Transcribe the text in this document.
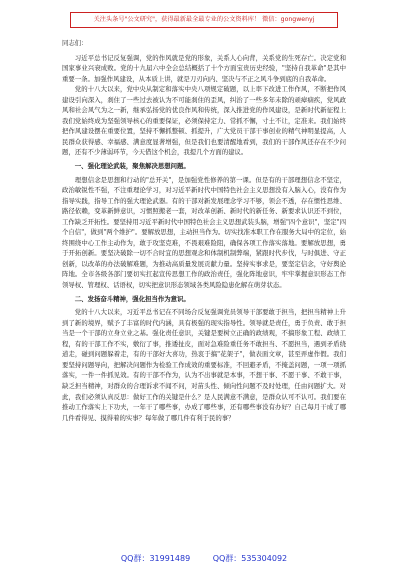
关注头条号"公文研究"，获得最新最全最专业的公文资料库！ 微信：gongwenyj

同志们：

习近平总书记反复强调，党的作风就是党的形象，关系人心向背，关系党的生死存亡。决定党和国家事业兴衰成败。党的十九届六中全会总结概括了十个方面宝贵历史经验，"坚持自我革命"是其中重要一条。加强作风建设，从本质上讲，就是刀刃向内、坚决与不正之风斗争到底的自我革命。

党的十八大以来，党中央从制定和落实中央八项规定破题，以上率下改进工作作风，不断把作风建设引向深入，刹住了一些过去被认为不可能刹住的歪风，纠治了一些多年未除的顽瘴痼疾，党风政风和社会风气为之一新，继承弘扬党的优良作风和传统，深入推进党的作风建设，是新时代新征程上我们党始终成为坚强领导核心的重要保证，必须保持定力、常抓不懈，寸土不让，定准来。我们始终把作风建设摆在重要位置，坚持不懈抓整顿、抓提升，广大党员干部干事创业的精气神明显提高，人民群众获得感、幸福感、满意度显著增强，但是我们也要清醒地看到，我们的干部作风还存在不少问题，还有不少薄弱环节，今天借这个机会，我提几个方面的建议。

一、强化理论武装，聚焦解决思想问题。

理想信念是思想和行动的"总开关"，是加强党性修养的第一课。但是有的干部理想信念不坚定，政治敏锐性不强，不注重理论学习，对习近平新时代中国特色社会主义思想没有入脑入心，没有作为指导实践，指导工作的强大理论武器。有的干部对新发展理念学习不够，领会不透，存在惯性思维、路径依赖，变革新鲜意识，习惯照搬老一套，对改革创新、新时代的新任务、新要求认识还不到位，工作缺乏开拓性。要坚持用习近平新时代中国特色社会主义思想武装头脑，增强"四个意识"，坚定"四个自信"，做到"两个维护"。要解放思想，主动担当作为。切实找准本职工作在服务大局中的定位，始终围绕中心工作主动作为，敢于攻坚克难，不畏艰难险阻，确保各项工作落实落地。要解放思想，勇于开拓创新。要坚决破除一切不合时宜的思想观念和体制机制弊端，紧跟时代步伐，与时俱进、守正创新，以改革的办法破解难题，为推动高质量发展贡献力量。坚持实事求是，要坚定信念，守好舆论阵地。全市各级各部门要切实扛起宣传思想工作的政治责任，强化阵地意识，牢牢掌握意识形态工作领导权、管理权、话语权，切实把意识形态领域各类风险隐患化解在萌芽状态。

二、发扬奋斗精神，强化担当作为意识。

党的十八大以来，习近平总书记在不同场合反复强调党员领导干部要敢于担当，把担当精神上升到了新的境界，赋予了丰富的时代内涵，具有极强的现实指导性。领导就是责任，勇于负责、敢于担当是一个干部的立身立业之基。强化责任意识，关键是要树立正确的政绩观，不搞形象工程、政绩工程，有的干部工作不实，敷衍了事，推诿扯皮，面对急难险重任务不敢担当、不愿担当，遇到矛盾绕道走，碰到问题躲着走，有的干部好大喜功，热衷于搞"花架子"，做表面文章，甚至弄虚作假。我们要坚持问题导向，把解决问题作为检验工作成效的重要标准，不回避矛盾，不掩盖问题，一项一项抓落实，一件一件抓见效。有的干部不作为，认为不出事就是本事，不想干事、不愿干事、不敢干事，缺乏担当精神，对群众的合理诉求不闻不问，对苗头性、倾向性问题不及时处理，任由问题扩大。对此，我们必须认真反思：做好工作的关键是什么？是人民满意不满意，是群众认可不认可。我们要在推动工作落实上下功夫，一年干了哪些事，办成了哪些事，还有哪些事没有办好？自己每月干成了哪几件看得见、摸得着的实事？每年做了哪几件有利于民的事？

QQ群：31991489	QQ群：535304092
